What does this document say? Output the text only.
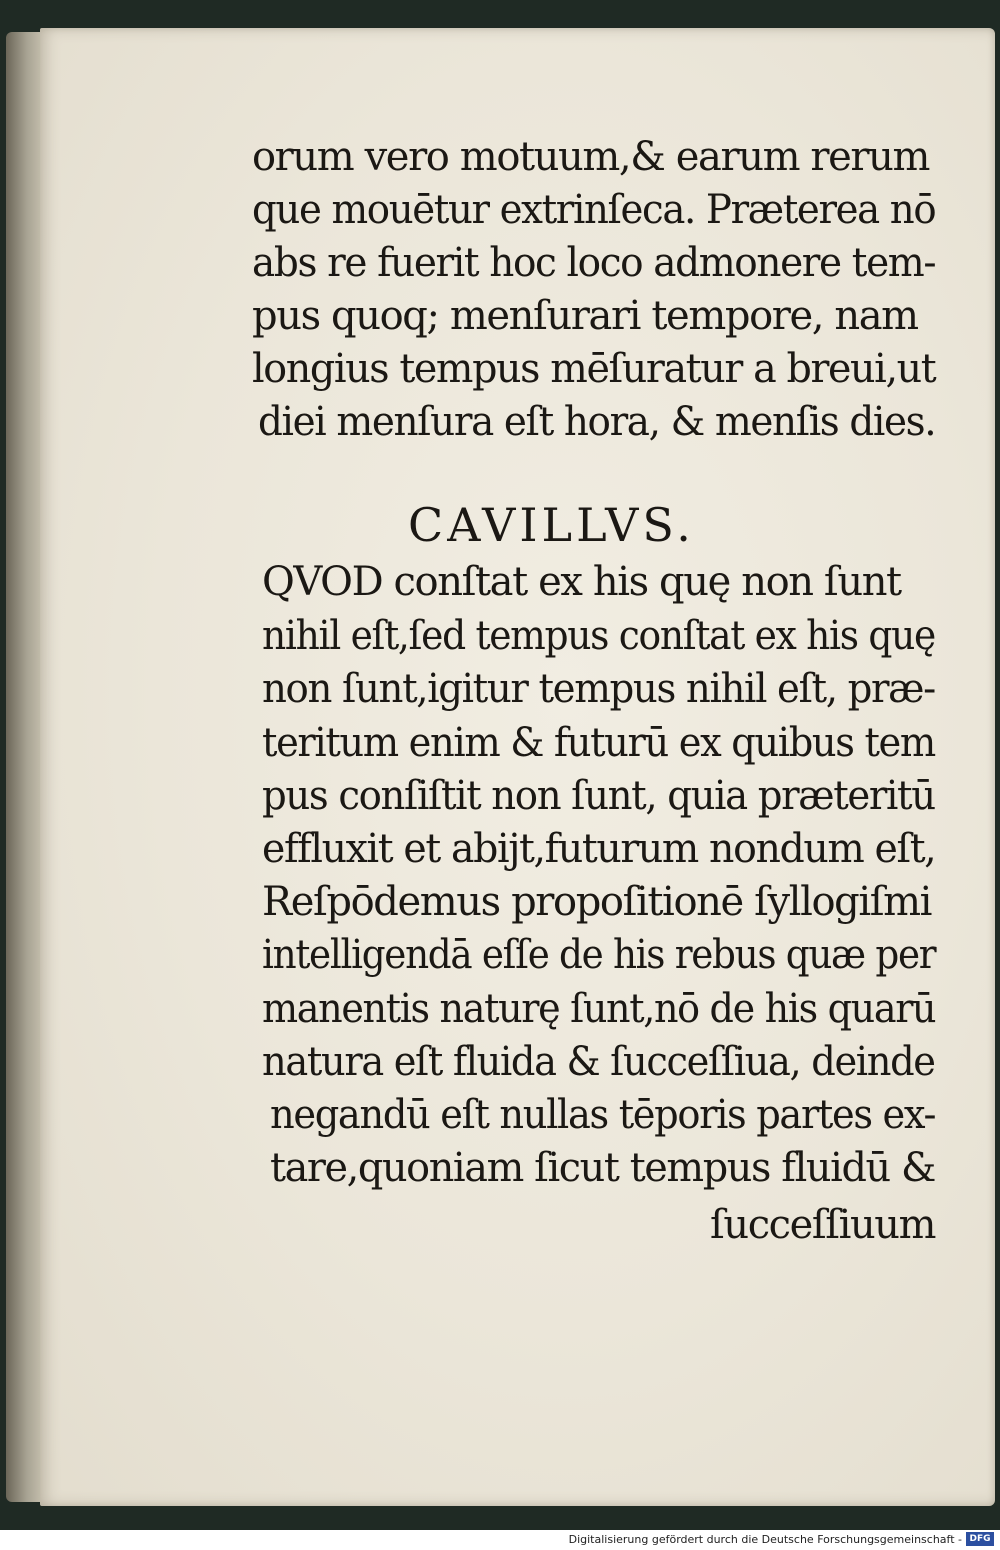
orum vero motuum,& earum rerum
que mouētur extrinſeca. Præterea nō
abs re fuerit hoc loco admonere tem-
pus quoq; menſurari tempore, nam
longius tempus mēſuratur a breui,ut
diei menſura eſt hora, & menſis dies.
CAVILLVS.
QVOD conſtat ex his quę non ſunt
nihil eſt,ſed tempus conſtat ex his quę
non ſunt,igitur tempus nihil eſt, præ-
teritum enim & futurū ex quibus tem
pus conſiſtit non ſunt, quia præteritū
effluxit et abijt,futurum nondum eſt,
Reſpōdemus propoſitionē ſyllogiſmi
intelligendā eſſe de his rebus quæ per
manentis naturę ſunt,nō de his quarū
natura eſt fluida & ſucceſſiua, deinde
negandū eſt nullas tēporis partes ex-
tare,quoniam ſicut tempus fluidū &
ſucceſſiuum
Digitalisierung gefördert durch die Deutsche Forschungsgemeinschaft - DFG
